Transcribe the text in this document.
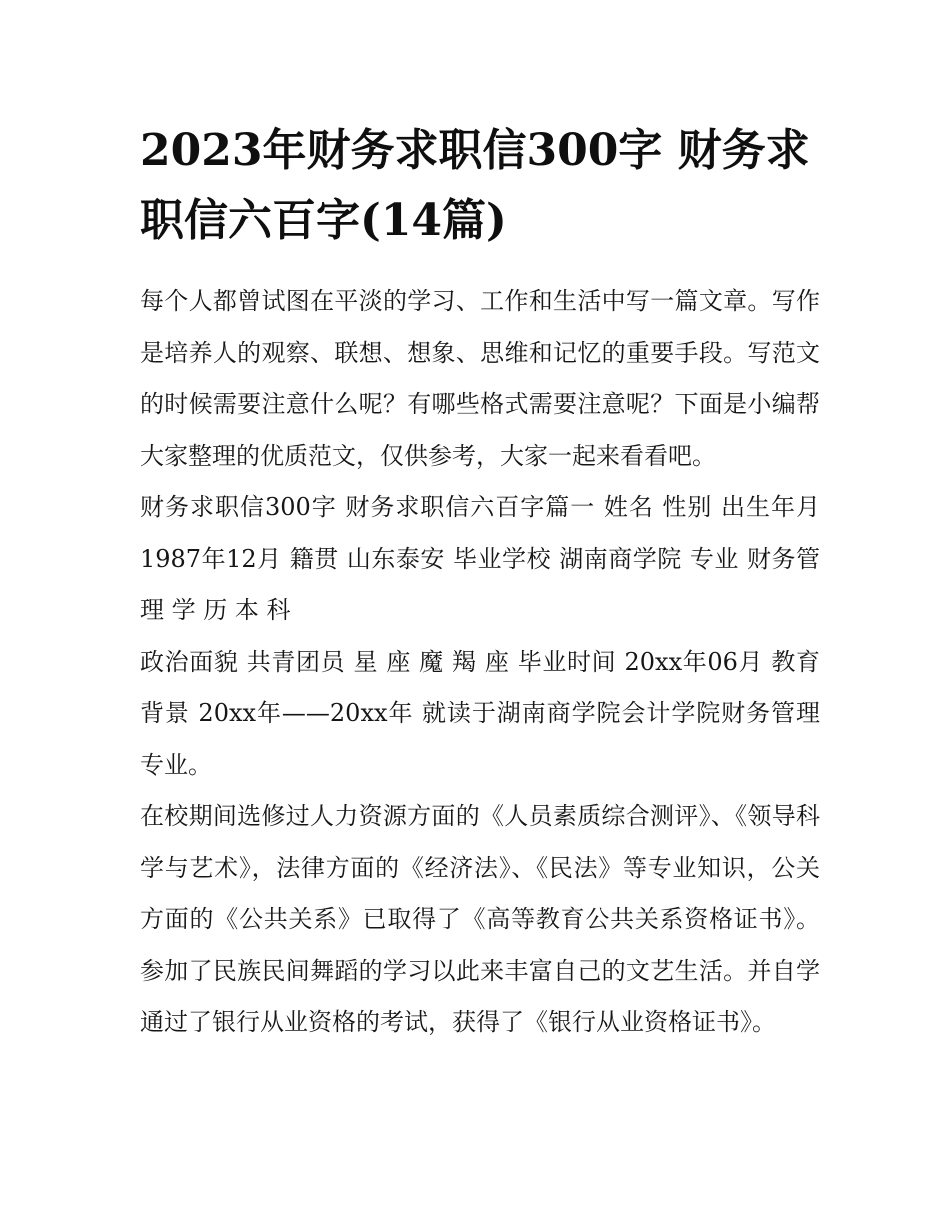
2023年财务求职信300字 财务求职信六百字(14篇)

每个人都曾试图在平淡的学习、工作和生活中写一篇文章。写作是培养人的观察、联想、想象、思维和记忆的重要手段。写范文的时候需要注意什么呢？有哪些格式需要注意呢？下面是小编帮大家整理的优质范文，仅供参考，大家一起来看看吧。

财务求职信300字 财务求职信六百字篇一 姓名 性别 出生年月 1987年12月 籍贯 山东泰安 毕业学校 湖南商学院 专业 财务管理 学 历 本 科

政治面貌 共青团员 星 座 魔 羯 座 毕业时间 20xx年06月 教育背景 20xx年——20xx年 就读于湖南商学院会计学院财务管理专业。

在校期间选修过人力资源方面的《人员素质综合测评》、《领导科学与艺术》，法律方面的《经济法》、《民法》等专业知识，公关方面的《公共关系》已取得了《高等教育公共关系资格证书》。参加了民族民间舞蹈的学习以此来丰富自己的文艺生活。并自学通过了银行从业资格的考试，获得了《银行从业资格证书》。
